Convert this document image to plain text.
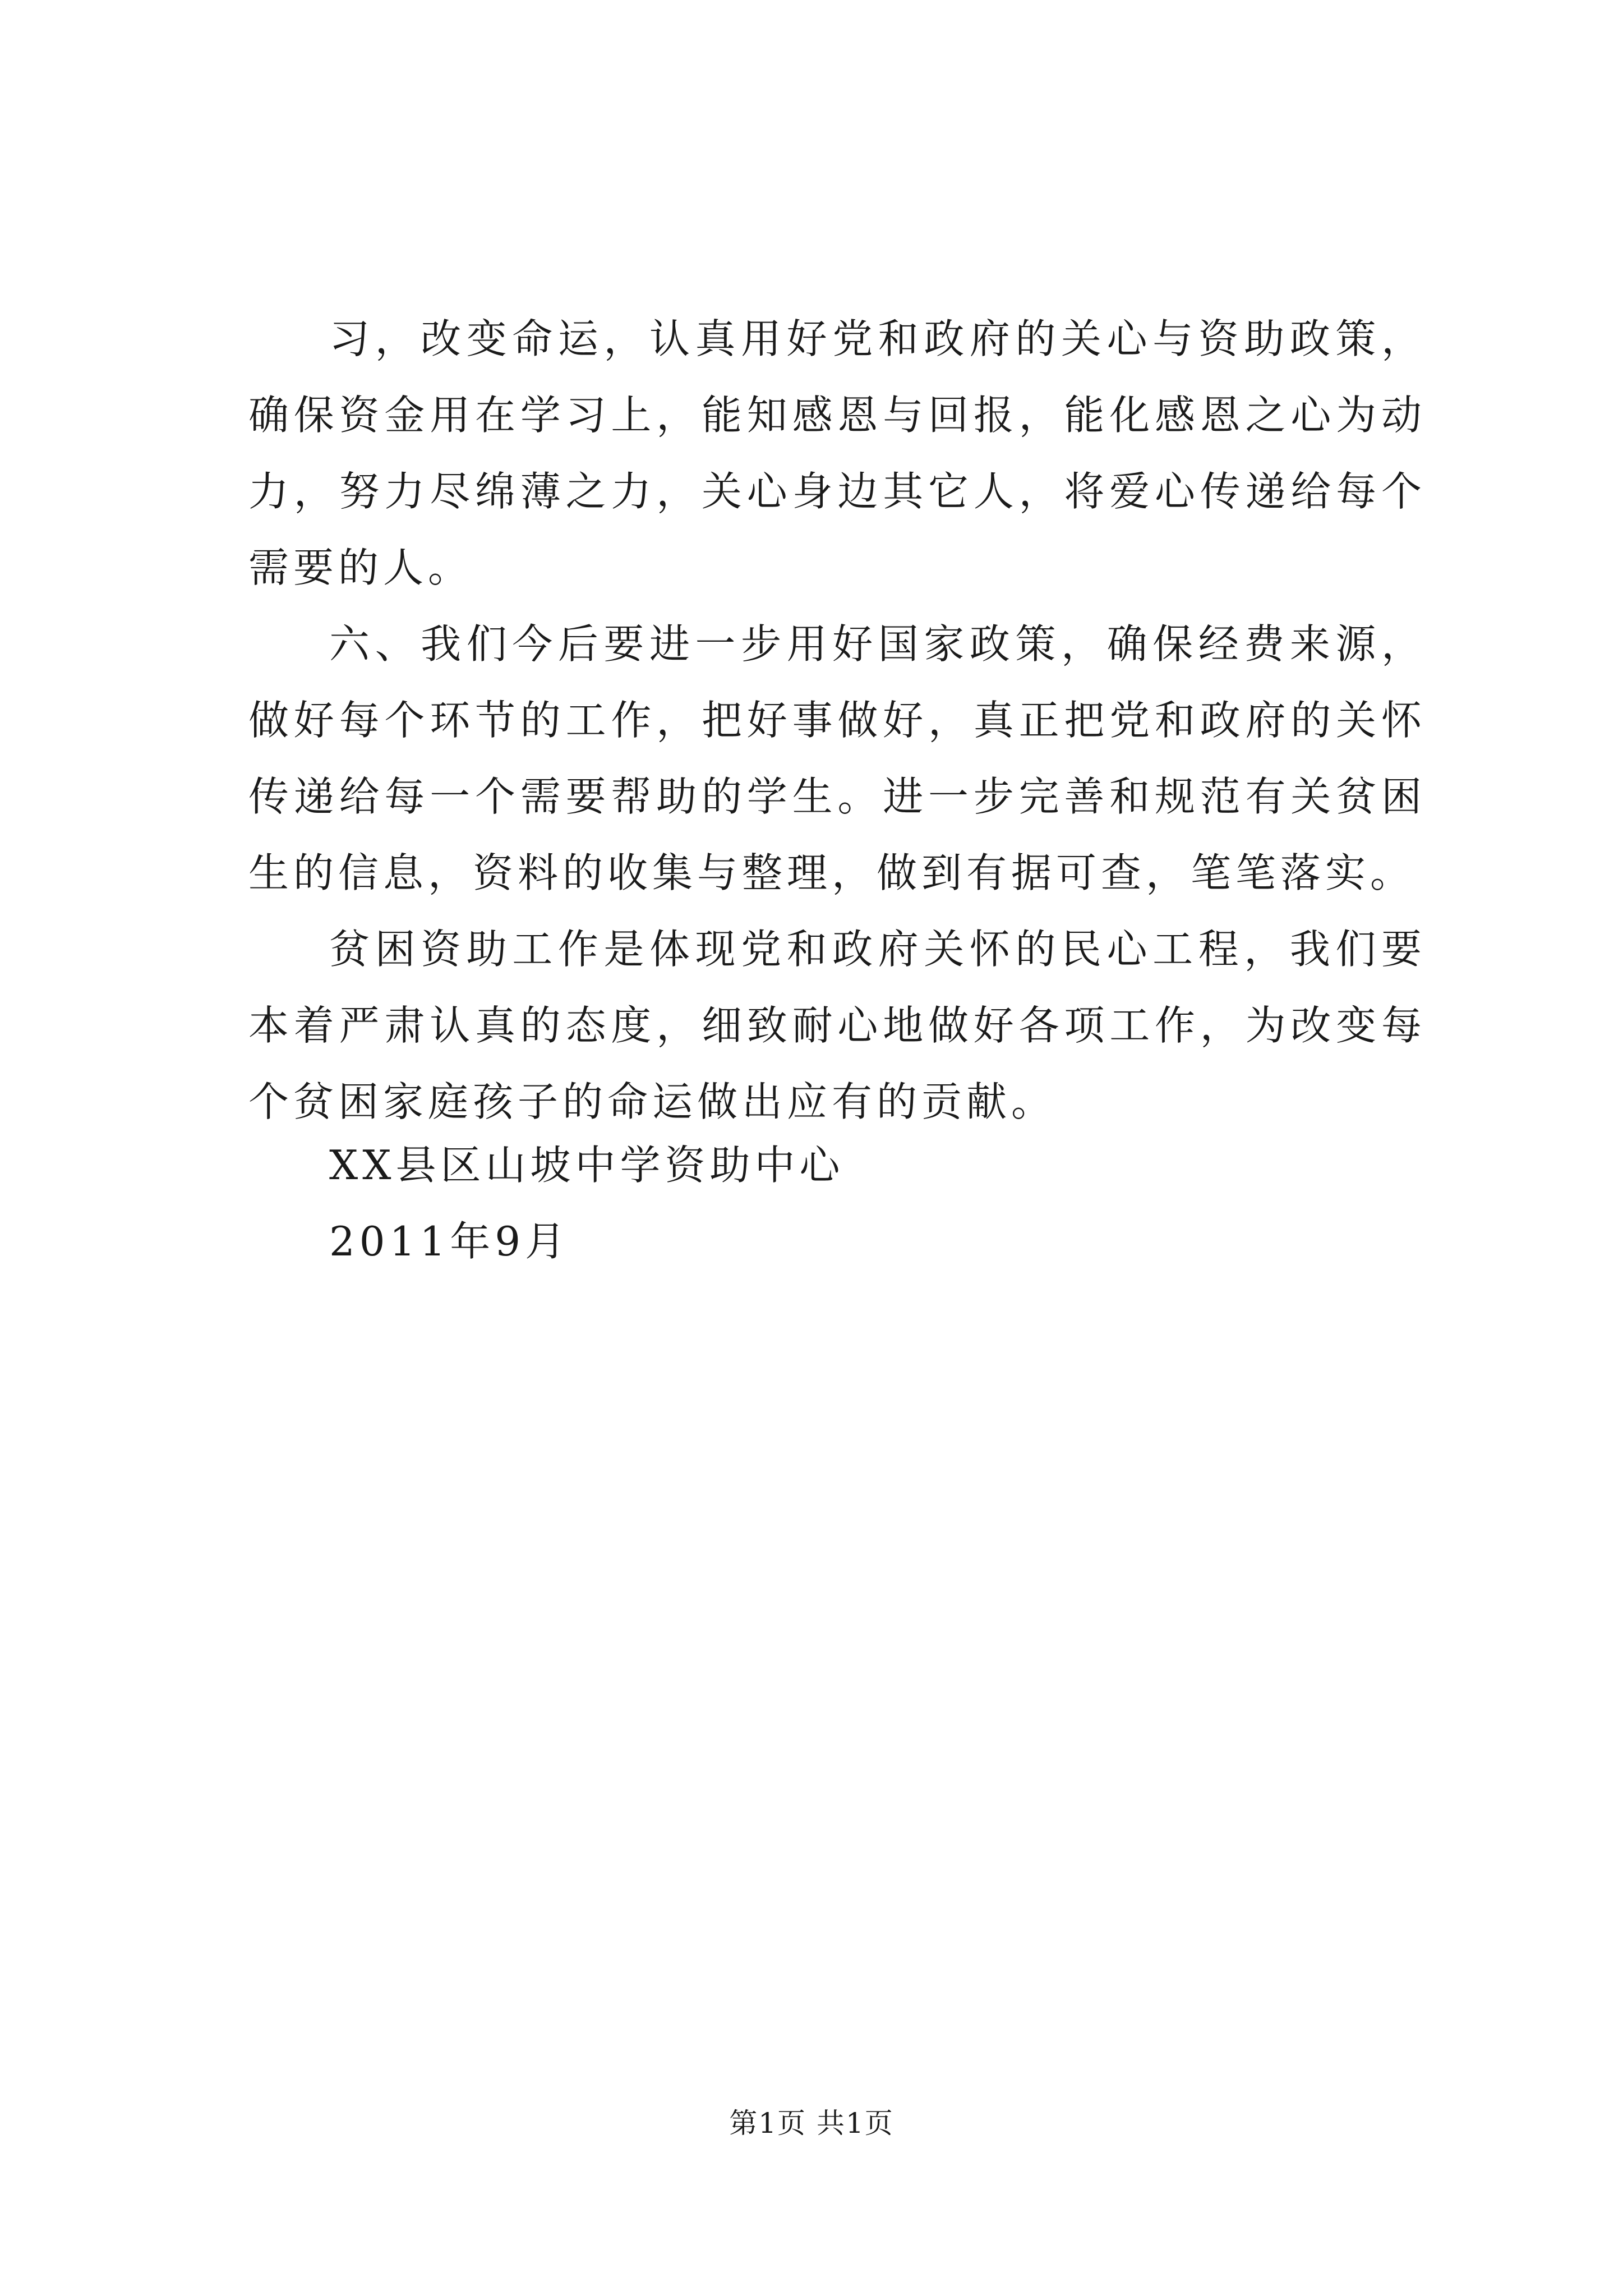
习，改变命运，认真用好党和政府的关心与资助政策，确保资金用在学习上，能知感恩与回报，能化感恩之心为动力，努力尽绵薄之力，关心身边其它人，将爱心传递给每个需要的人。

六、我们今后要进一步用好国家政策，确保经费来源，做好每个环节的工作，把好事做好，真正把党和政府的关怀传递给每一个需要帮助的学生。进一步完善和规范有关贫困生的信息，资料的收集与整理，做到有据可查，笔笔落实。

贫困资助工作是体现党和政府关怀的民心工程，我们要本着严肃认真的态度，细致耐心地做好各项工作，为改变每个贫困家庭孩子的命运做出应有的贡献。

XX县区山坡中学资助中心
2011年9月
第1页 共1页
